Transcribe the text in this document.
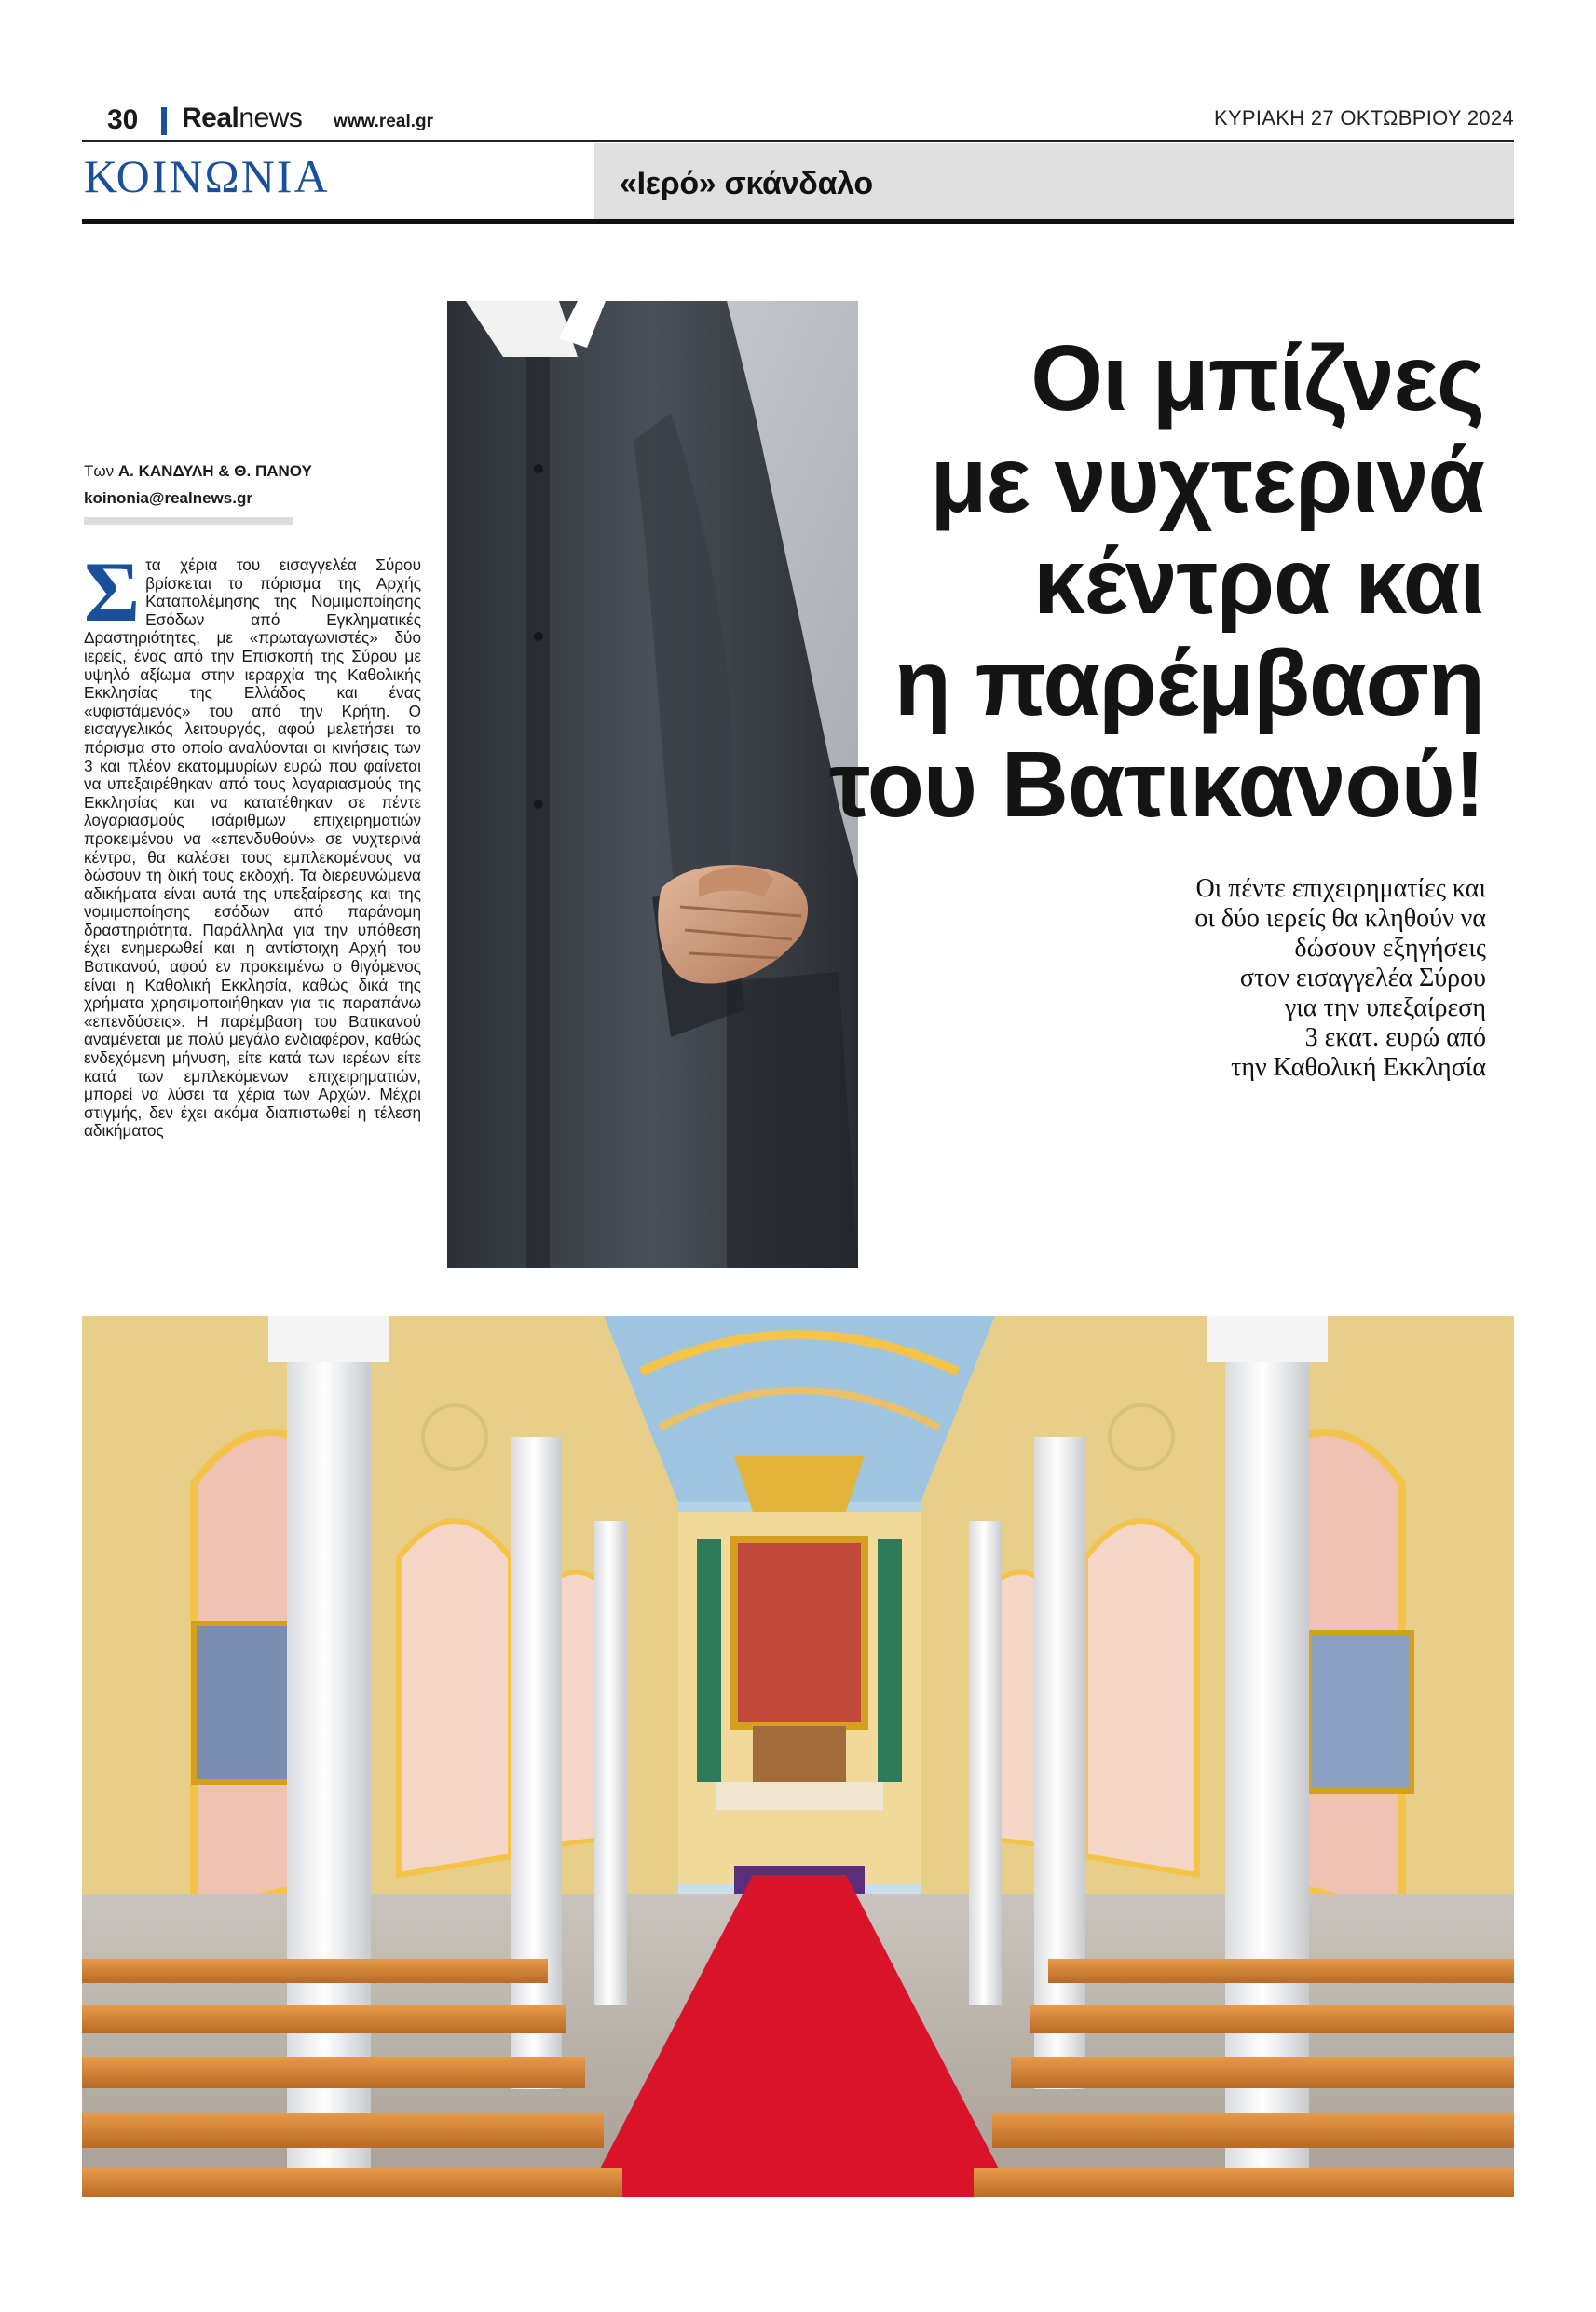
30 Realnews www.real.gr	ΚΥΡΙΑΚΗ 27 ΟΚΤΩΒΡΙΟΥ 2024
ΚΟΙΝΩΝΙΑ	«Ιερό» σκάνδαλο
Των Α. ΚΑΝΔΥΛΗ & Θ. ΠΑΝΟΥ
koinonia@realnews.gr
Στα χέρια του εισαγγελέα Σύρου βρίσκεται το πόρισμα της Αρχής Καταπολέμησης της Νομιμοποίησης Εσόδων από Εγκληματικές Δραστηριότητες, με «πρωταγωνιστές» δύο ιερείς, ένας από την Επισκοπή της Σύρου με υψηλό αξίωμα στην ιεραρχία της Καθολικής Εκκλησίας της Ελλάδος και ένας «υφιστάμενός» του από την Κρήτη. Ο εισαγγελικός λειτουργός, αφού μελετήσει το πόρισμα στο οποίο αναλύονται οι κινήσεις των 3 και πλέον εκατομμυρίων ευρώ που φαίνεται να υπεξαιρέθηκαν από τους λογαριασμούς της Εκκλησίας και να κατατέθηκαν σε πέντε λογαριασμούς ισάριθμων επιχειρηματιών προκειμένου να «επενδυθούν» σε νυχτερινά κέντρα, θα καλέσει τους εμπλεκομένους να δώσουν τη δική τους εκδοχή. Τα διερευνώμενα αδικήματα είναι αυτά της υπεξαίρεσης και της νομιμοποίησης εσόδων από παράνομη δραστηριότητα. Παράλληλα για την υπόθεση έχει ενημερωθεί και η αντίστοιχη Αρχή του Βατικανού, αφού εν προκειμένω ο θιγόμενος είναι η Καθολική Εκκλησία, καθώς δικά της χρήματα χρησιμοποιήθηκαν για τις παραπάνω «επενδύσεις». Η παρέμβαση του Βατικανού αναμένεται με πολύ μεγάλο ενδιαφέρον, καθώς ενδεχόμενη μήνυση, είτε κατά των ιερέων είτε κατά των εμπλεκόμενων επιχειρηματιών, μπορεί να λύσει τα χέρια των Αρχών. Μέχρι στιγμής, δεν έχει ακόμα διαπιστωθεί η τέλεση αδικήματος
Οι μπίζνες
με νυχτερινά
κέντρα και
η παρέμβαση
του Βατικανού!
Οι πέντε επιχειρηματίες και
οι δύο ιερείς θα κληθούν να
δώσουν εξηγήσεις
στον εισαγγελέα Σύρου
για την υπεξαίρεση
3 εκατ. ευρώ από
την Καθολική Εκκλησία
